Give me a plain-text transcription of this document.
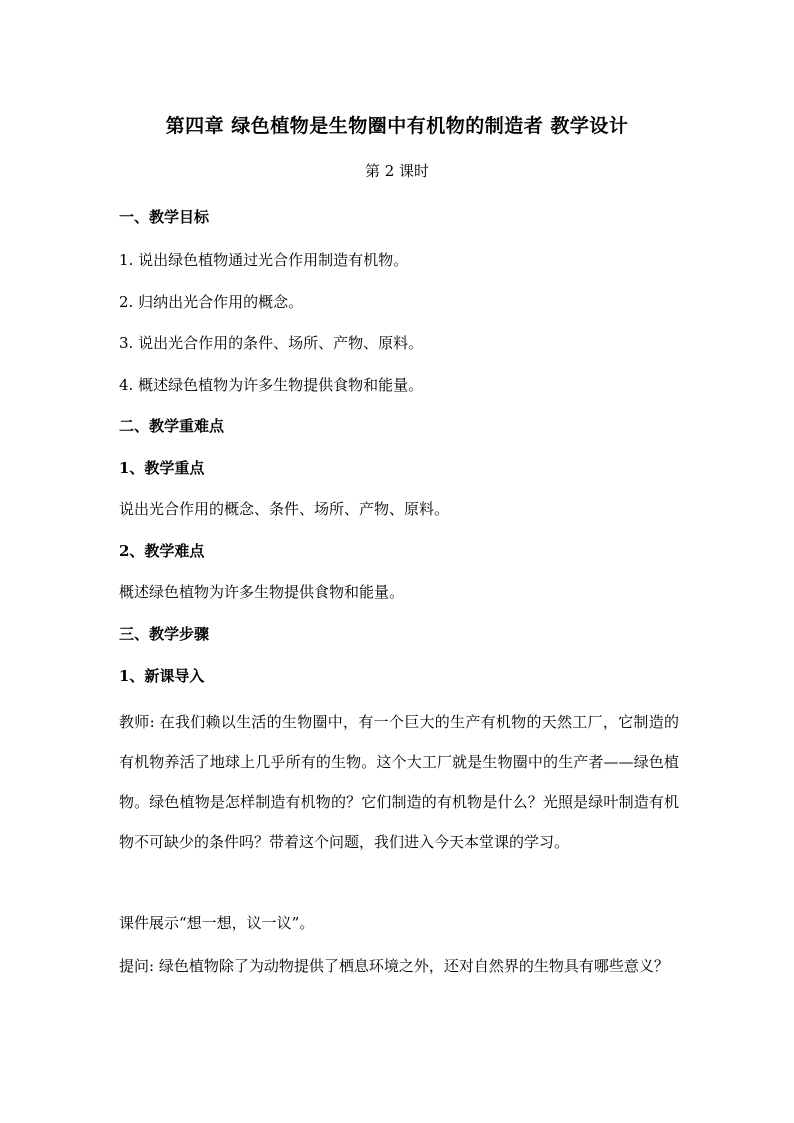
第四章 绿色植物是生物圈中有机物的制造者 教学设计
第 2 课时
一、教学目标
1. 说出绿色植物通过光合作用制造有机物。
2. 归纳出光合作用的概念。
3. 说出光合作用的条件、场所、产物、原料。
4. 概述绿色植物为许多生物提供食物和能量。
二、教学重难点
1、教学重点
说出光合作用的概念、条件、场所、产物、原料。
2、教学难点
概述绿色植物为许多生物提供食物和能量。
三、教学步骤
1、新课导入
教师: 在我们赖以生活的生物圈中，有一个巨大的生产有机物的天然工厂，它制造的有机物养活了地球上几乎所有的生物。这个大工厂就是生物圈中的生产者——绿色植物。绿色植物是怎样制造有机物的？它们制造的有机物是什么？光照是绿叶制造有机物不可缺少的条件吗？带着这个问题，我们进入今天本堂课的学习。
课件展示“想一想，议一议”。
提问: 绿色植物除了为动物提供了栖息环境之外，还对自然界的生物具有哪些意义？
